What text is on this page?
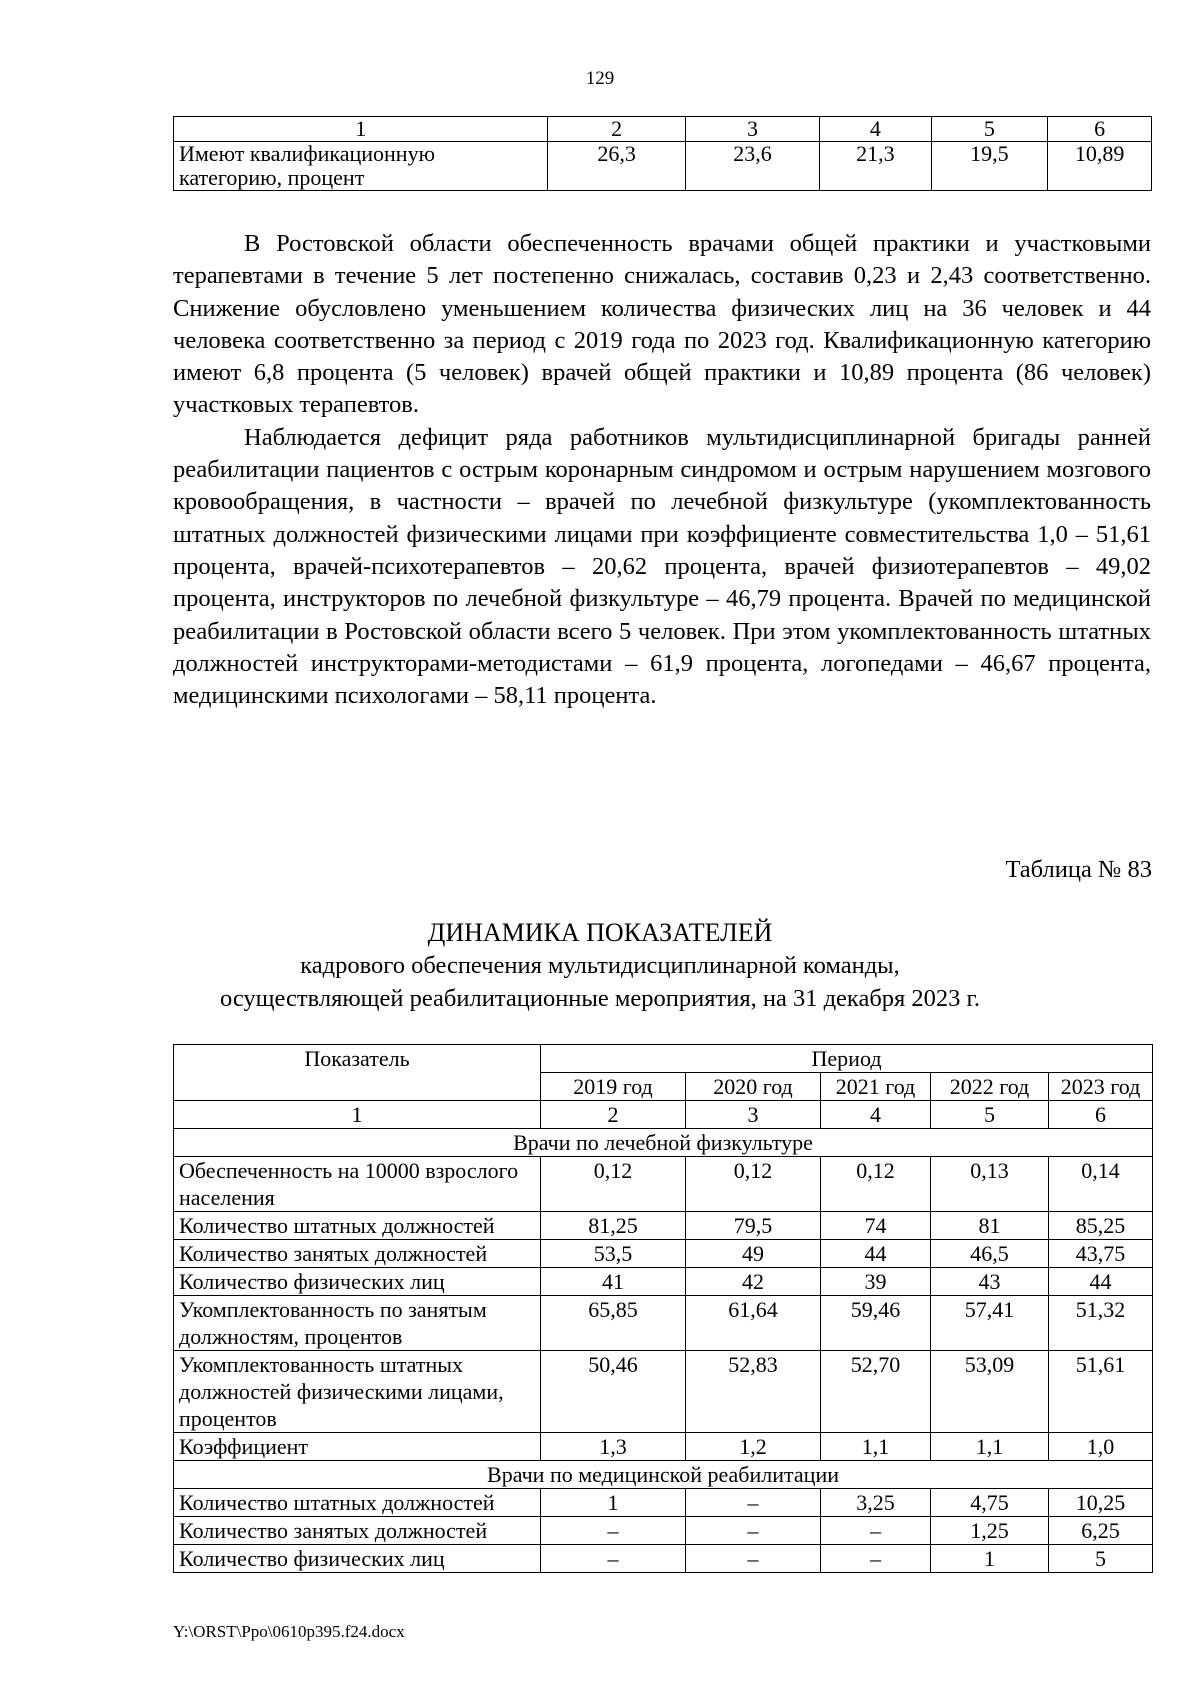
129
1	2	3	4	5	6
Имеют квалификационную категорию, процент	26,3	23,6	21,3	19,5	10,89

В Ростовской области обеспеченность врачами общей практики и участковыми терапевтами в течение 5 лет постепенно снижалась, составив 0,23 и 2,43 соответственно. Снижение обусловлено уменьшением количества физических лиц на 36 человек и 44 человека соответственно за период с 2019 года по 2023 год. Квалификационную категорию имеют 6,8 процента (5 человек) врачей общей практики и 10,89 процента (86 человек) участковых терапевтов.

Наблюдается дефицит ряда работников мультидисциплинарной бригады ранней реабилитации пациентов с острым коронарным синдромом и острым нарушением мозгового кровообращения, в частности – врачей по лечебной физкультуре (укомплектованность штатных должностей физическими лицами при коэффициенте совместительства 1,0 – 51,61 процента, врачей-психотерапевтов – 20,62 процента, врачей физиотерапевтов – 49,02 процента, инструкторов по лечебной физкультуре – 46,79 процента. Врачей по медицинской реабилитации в Ростовской области всего 5 человек. При этом укомплектованность штатных должностей инструкторами-методистами – 61,9 процента, логопедами – 46,67 процента, медицинскими психологами – 58,11 процента.

Таблица № 83
ДИНАМИКА ПОКАЗАТЕЛЕЙ
кадрового обеспечения мультидисциплинарной команды,
осуществляющей реабилитационные мероприятия, на 31 декабря 2023 г.
Показатель	Период				
	2019 год	2020 год	2021 год	2022 год	2023 год
1	2	3	4	5	6
Врачи по лечебной физкультуре					
Обеспеченность на 10000 взрослого населения	0,12	0,12	0,12	0,13	0,14
Количество штатных должностей	81,25	79,5	74	81	85,25
Количество занятых должностей	53,5	49	44	46,5	43,75
Количество физических лиц	41	42	39	43	44
Укомплектованность по занятым должностям, процентов	65,85	61,64	59,46	57,41	51,32
Укомплектованность штатных должностей физическими лицами, процентов	50,46	52,83	52,70	53,09	51,61
Коэффициент	1,3	1,2	1,1	1,1	1,0
Врачи по медицинской реабилитации					
Количество штатных должностей	1	–	3,25	4,75	10,25
Количество занятых должностей	–	–	–	1,25	6,25
Количество физических лиц	–	–	–	1	5
Y:\ORST\Ppo\0610p395.f24.docx
